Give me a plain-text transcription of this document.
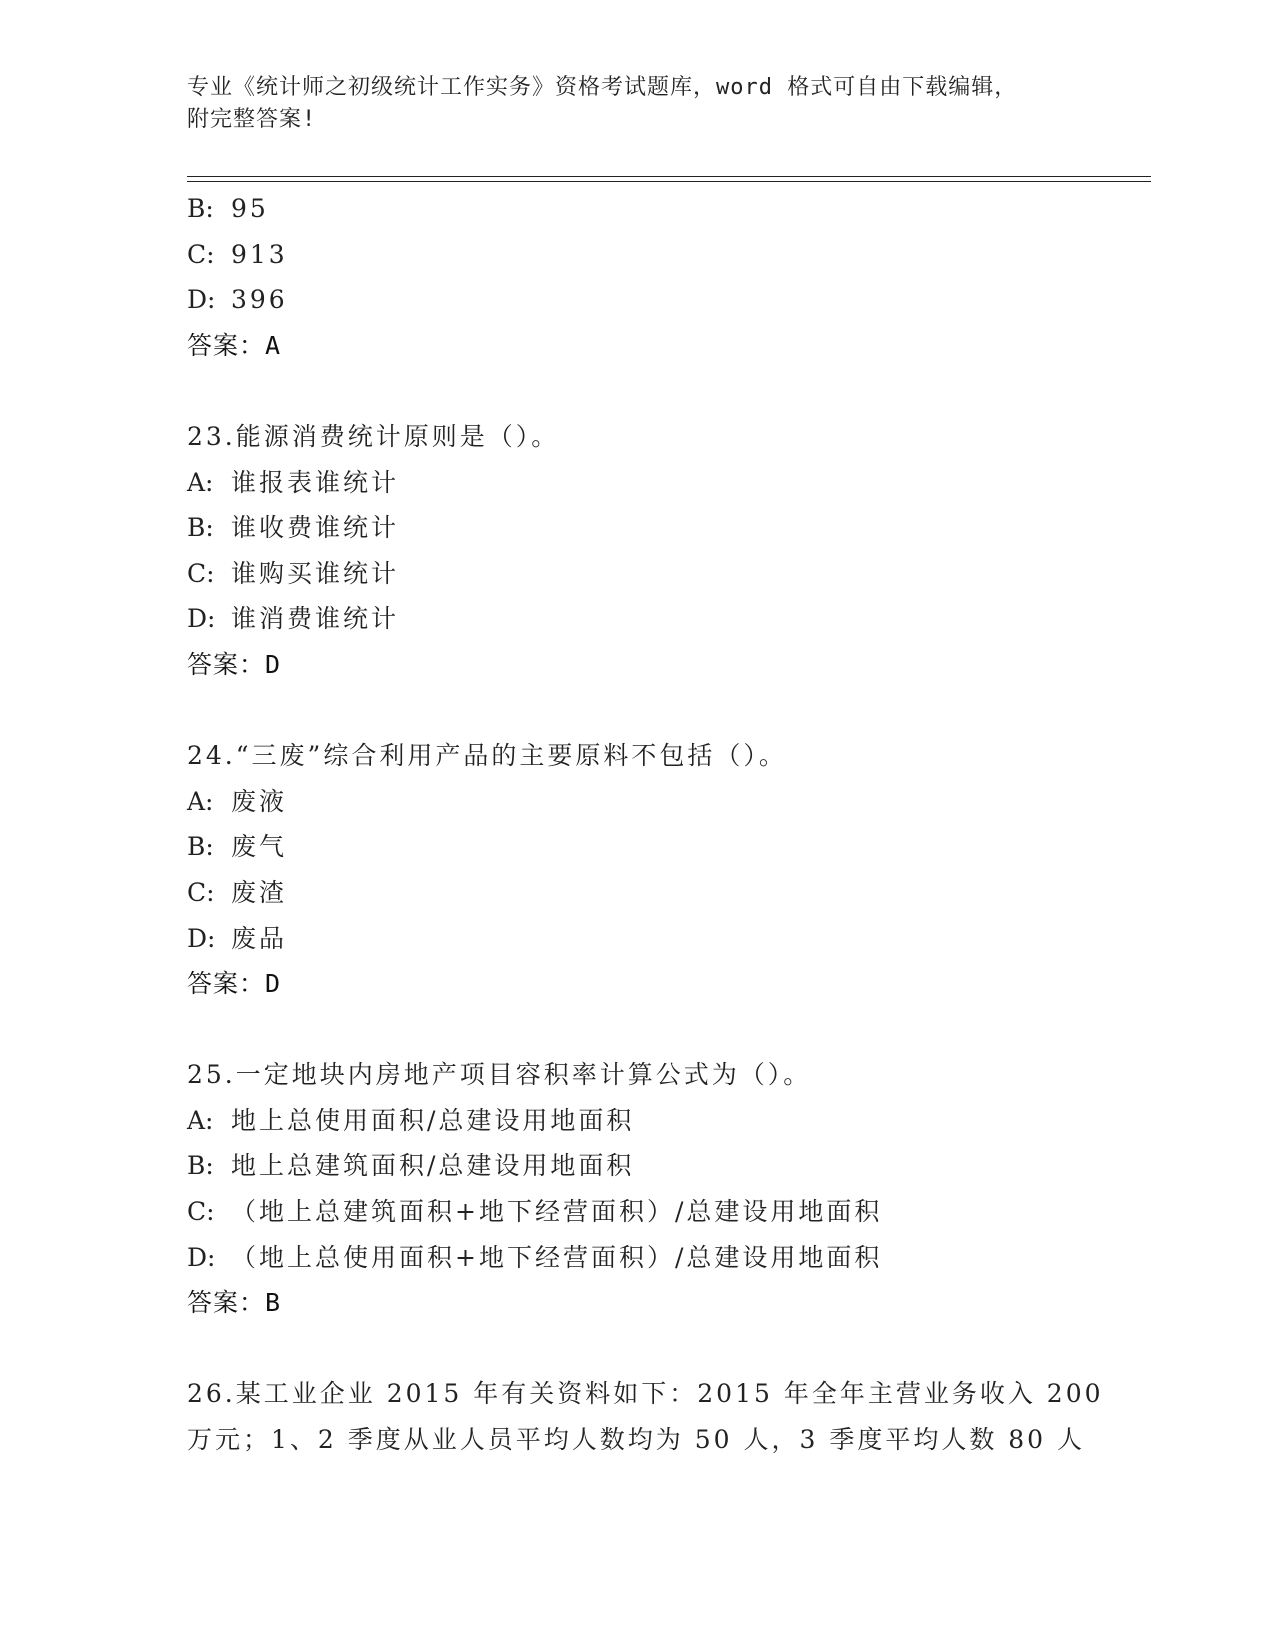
专业《统计师之初级统计工作实务》资格考试题库，word 格式可自由下载编辑，
附完整答案!
B: 95
C: 913
D: 396
答案：A
23.能源消费统计原则是（）。
A: 谁报表谁统计
B: 谁收费谁统计
C: 谁购买谁统计
D: 谁消费谁统计
答案：D
24.“三废”综合利用产品的主要原料不包括（）。
A: 废液
B: 废气
C: 废渣
D: 废品
答案：D
25.一定地块内房地产项目容积率计算公式为（）。
A: 地上总使用面积/总建设用地面积
B: 地上总建筑面积/总建设用地面积
C: （地上总建筑面积+地下经营面积）/总建设用地面积
D: （地上总使用面积+地下经营面积）/总建设用地面积
答案：B
26.某工业企业 2015 年有关资料如下：2015 年全年主营业务收入 200
万元；1、2 季度从业人员平均人数均为 50 人，3 季度平均人数 80 人
